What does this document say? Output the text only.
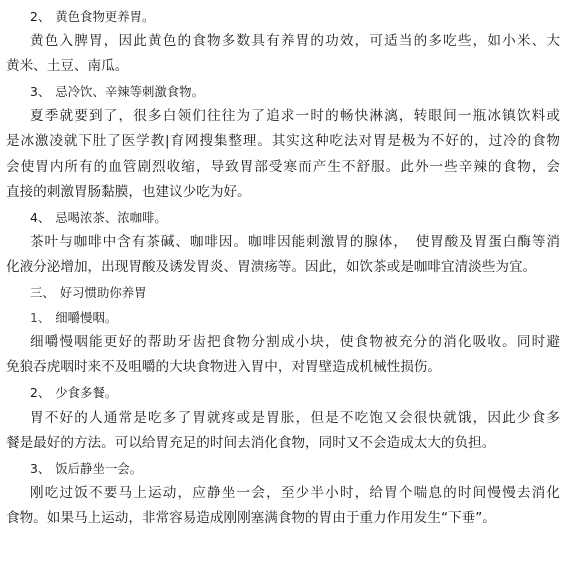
2、 黄色食物更养胃。
黄色入脾胃，因此黄色的食物多数具有养胃的功效，可适当的多吃些，如小米、大
黄米、土豆、南瓜。
3、 忌冷饮、辛辣等刺激食物。
夏季就要到了，很多白领们往往为了追求一时的畅快淋漓，转眼间一瓶冰镇饮料或
是冰激凌就下肚了医学教|育网搜集整理。其实这种吃法对胃是极为不好的，过冷的食物
会使胃内所有的血管剧烈收缩，导致胃部受寒而产生不舒服。此外一些辛辣的食物，会
直接的刺激胃肠黏膜，也建议少吃为好。
4、 忌喝浓茶、浓咖啡。
茶叶与咖啡中含有茶碱、咖啡因。咖啡因能刺激胃的腺体，　使胃酸及胃蛋白酶等消
化液分泌增加，出现胃酸及诱发胃炎、胃溃疡等。因此，如饮茶或是咖啡宜清淡些为宜。
三、 好习惯助你养胃
1、 细嚼慢咽。
细嚼慢咽能更好的帮助牙齿把食物分割成小块，使食物被充分的消化吸收。同时避
免狼吞虎咽时来不及咀嚼的大块食物进入胃中，对胃壁造成机械性损伤。
2、 少食多餐。
胃不好的人通常是吃多了胃就疼或是胃胀，但是不吃饱又会很快就饿，因此少食多
餐是最好的方法。可以给胃充足的时间去消化食物，同时又不会造成太大的负担。
3、 饭后静坐一会。
刚吃过饭不要马上运动，应静坐一会，至少半小时，给胃个喘息的时间慢慢去消化
食物。如果马上运动，非常容易造成刚刚塞满食物的胃由于重力作用发生“下垂”。
